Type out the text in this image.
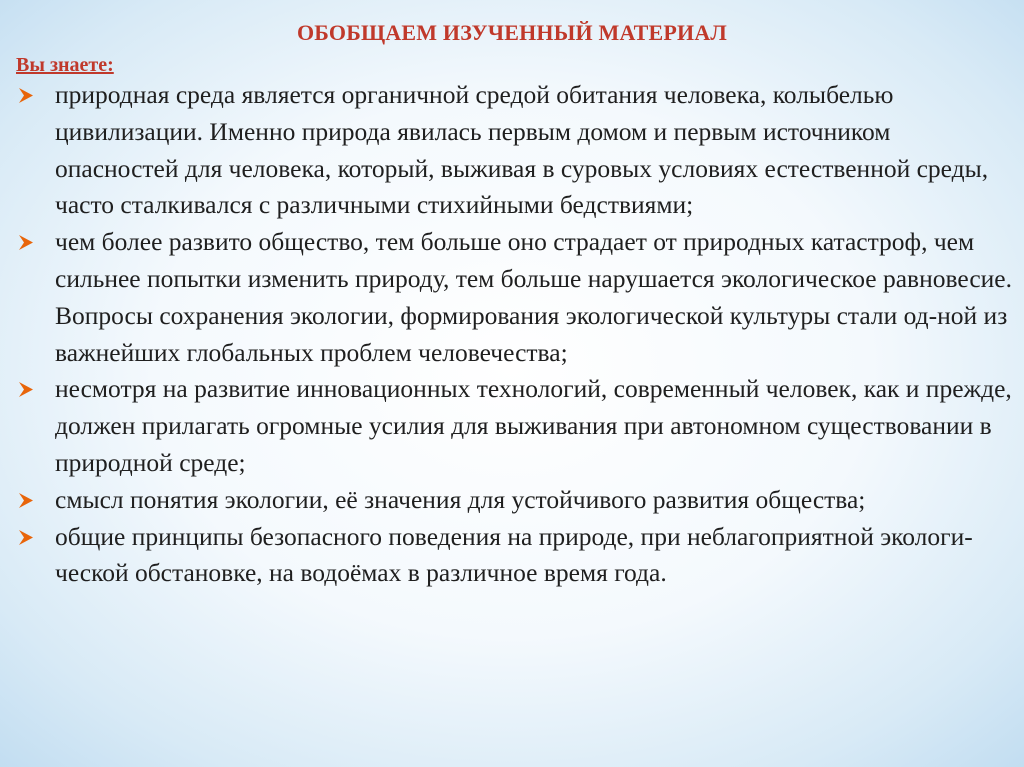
ОБОБЩАЕМ ИЗУЧЕННЫЙ МАТЕРИАЛ
Вы знаете:
природная среда является органичной средой обитания человека, колыбелью цивилизации. Именно природа явилась первым домом и первым источником опасностей для человека, который, выживая в суровых условиях естественной среды, часто сталкивался с различными стихийными бедствиями;
чем более развито общество, тем больше оно страдает от природных катастроф, чем сильнее попытки изменить природу, тем больше нарушается экологическое равновесие. Вопросы сохранения экологии, формирования экологической культуры стали од-ной из важнейших глобальных проблем человечества;
несмотря на развитие инновационных технологий, современный человек, как и прежде, должен прилагать огромные усилия для выживания при автономном существовании в природной среде;
смысл понятия экологии, её значения для устойчивого развития общества;
общие принципы безопасного поведения на природе, при неблагоприятной экологи-ческой обстановке, на водоёмах в различное время года.
